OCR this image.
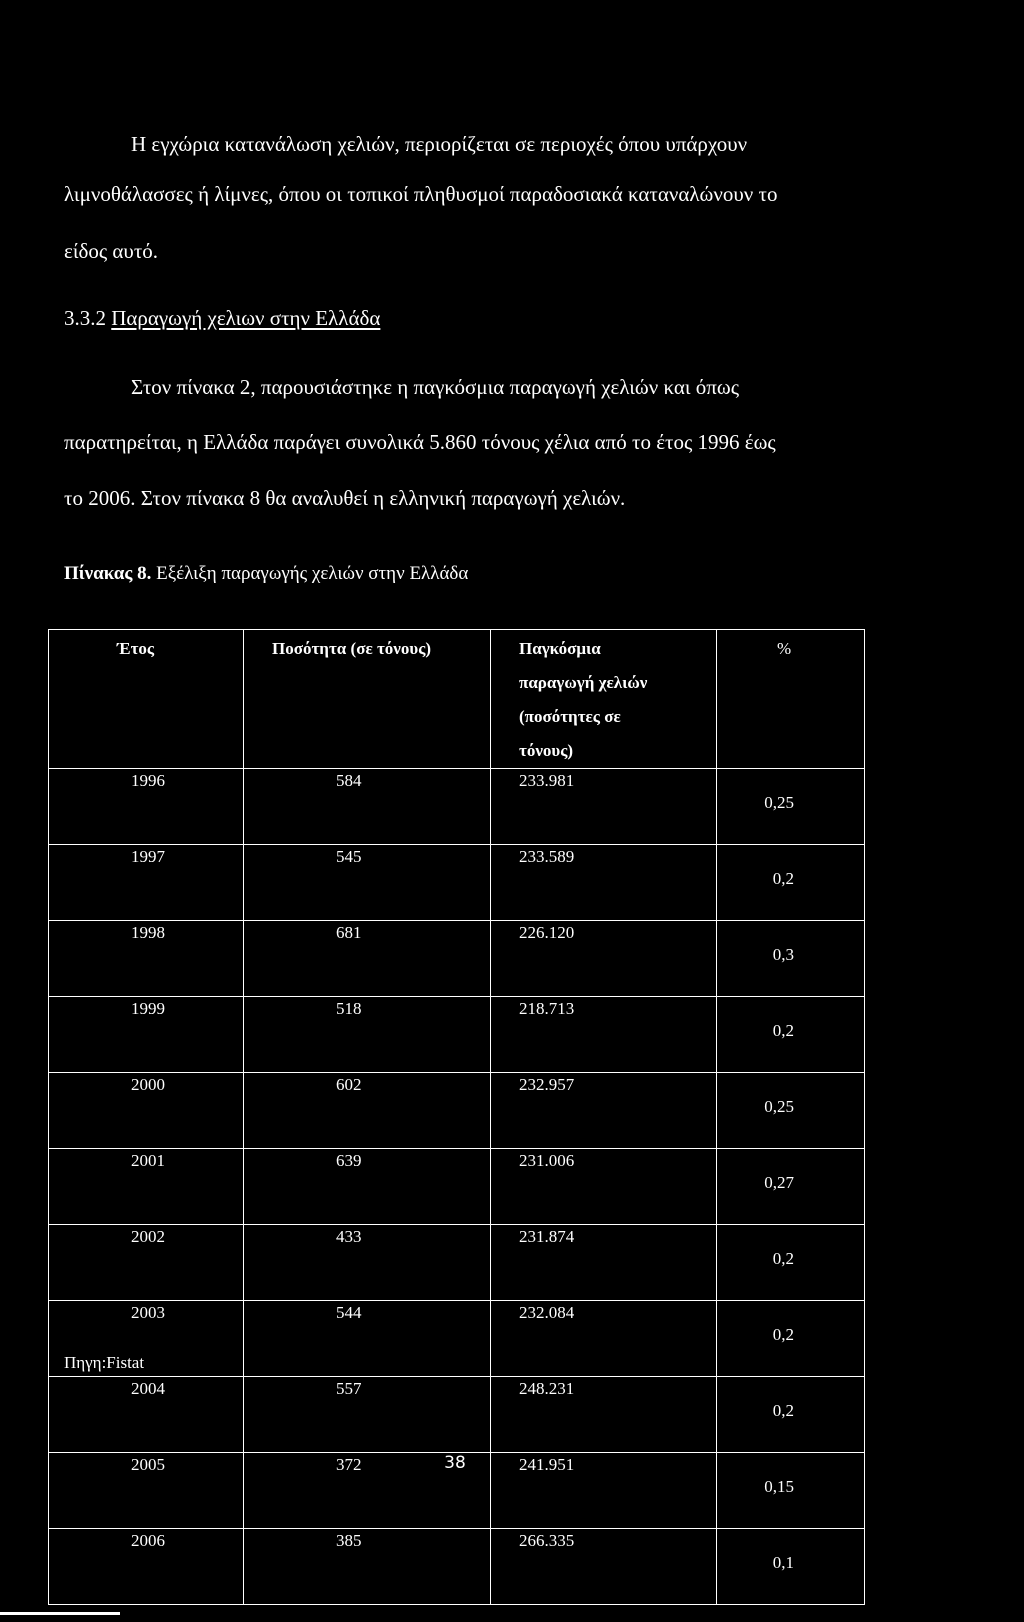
Η εγχώρια κατανάλωση χελιών, περιορίζεται σε περιοχές όπου υπάρχουν
λιμνοθάλασσες ή λίμνες, όπου οι τοπικοί πληθυσμοί παραδοσιακά καταναλώνουν το
είδος αυτό.
3.3.2 Παραγωγή χελιων στην Ελλάδα
Στον πίνακα 2, παρουσιάστηκε η παγκόσμια παραγωγή χελιών και όπως
παρατηρείται, η Ελλάδα παράγει συνολικά 5.860 τόνους χέλια από το έτος 1996 έως
το 2006. Στον πίνακα 8 θα αναλυθεί η ελληνική παραγωγή χελιών.
Πίνακας 8. Εξέλιξη παραγωγής χελιών στην Ελλάδα
Έτος	Ποσότητα (σε τόνους)	Παγκόσμια
παραγωγή χελιών
(ποσότητες σε
τόνους)	%
1996	584	233.981	0,25
1997	545	233.589	0,2
1998	681	226.120	0,3
1999	518	218.713	0,2
2000	602	232.957	0,25
2001	639	231.006	0,27
2002	433	231.874	0,2
2003	544	232.084	0,2
2004	557	248.231	0,2
2005	372	241.951	0,15
2006	385	266.335	0,1
Πηγη:Fistat
38
